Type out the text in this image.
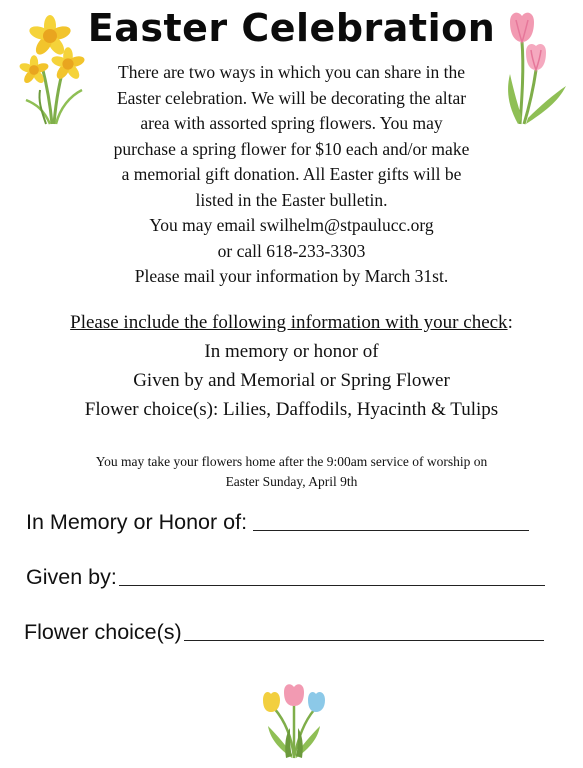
Easter Celebration

There are two ways in which you can share in the

Easter celebration. We will be decorating the altar

area with assorted spring flowers. You may

purchase a spring flower for $10 each and/or make

a memorial gift donation. All Easter gifts will be

listed in the Easter bulletin.

You may email swilhelm@stpaulucc.org

or call 618-233-3303

Please mail your information by March 31st.

Please include the following information with your check:

In memory or honor of

Given by and Memorial or Spring Flower

Flower choice(s): Lilies, Daffodils, Hyacinth & Tulips

You may take your flowers home after the 9:00am service of worship on

Easter Sunday, April 9th

In Memory or Honor of:
Given by:
Flower choice(s)
